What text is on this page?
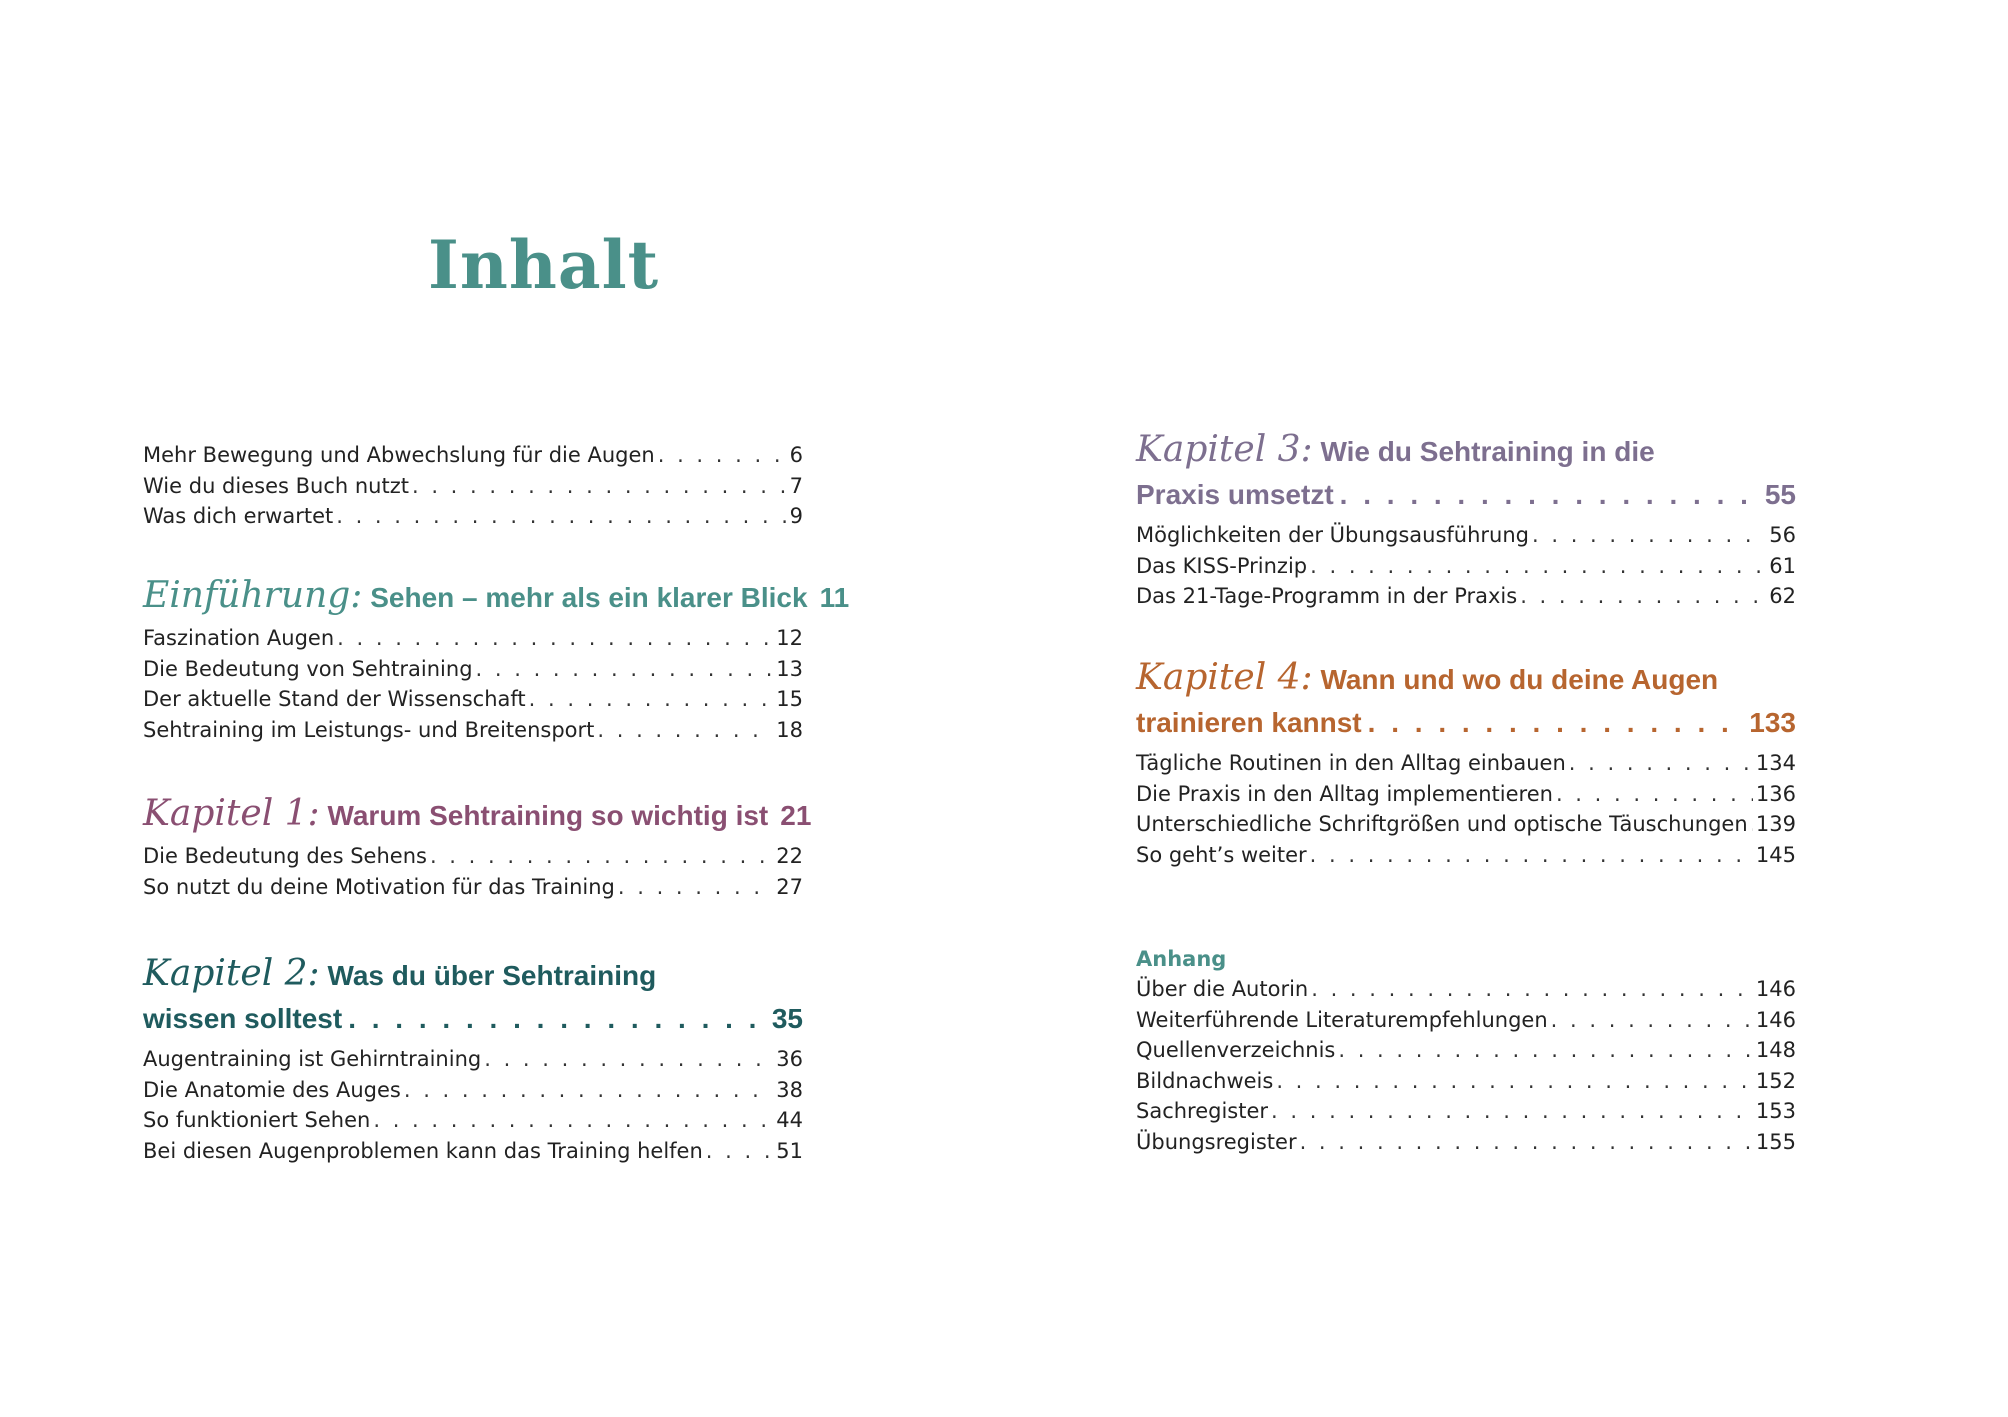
Inhalt
Mehr Bewegung und Abwechslung für die Augen . . .	6
Wie du dieses Buch nutzt . . .	7
Was dich erwartet . . .	9
Einführung:
Sehen – mehr als ein klarer Blick 11
Faszination Augen . . .	12
Die Bedeutung von Sehtraining . . .	13
Der aktuelle Stand der Wissenschaft . . .	15
Sehtraining im Leistungs- und Breitensport . . .	18
Kapitel 1:
Warum Sehtraining so wichtig ist 21
Die Bedeutung des Sehens . . .	22
So nutzt du deine Motivation für das Training . . .	27
Kapitel 2: Was du über Sehtraining
wissen solltest . . .	35
Augentraining ist Gehirntraining . . .	36
Die Anatomie des Auges . . .	38
So funktioniert Sehen . . .	44
Bei diesen Augenproblemen kann das Training helfen . . .	51
Kapitel 3: Wie du Sehtraining in die
Praxis umsetzt . . .	55
Möglichkeiten der Übungsausführung . . .	56
Das KISS-Prinzip . . .	61
Das 21-Tage-Programm in der Praxis . . .	62
Kapitel 4: Wann und wo du deine Augen
trainieren kannst . . .	133
Tägliche Routinen in den Alltag einbauen . . .	134
Die Praxis in den Alltag implementieren . . .	136
Unterschiedliche Schriftgrößen und optische Täuschungen . . . 139
So geht’s weiter . . .	145
Anhang
Über die Autorin . . .	146
Weiterführende Literaturempfehlungen . . .	146
Quellenverzeichnis . . .	148
Bildnachweis . . .	152
Sachregister . . .	153
Übungsregister . . .	155
